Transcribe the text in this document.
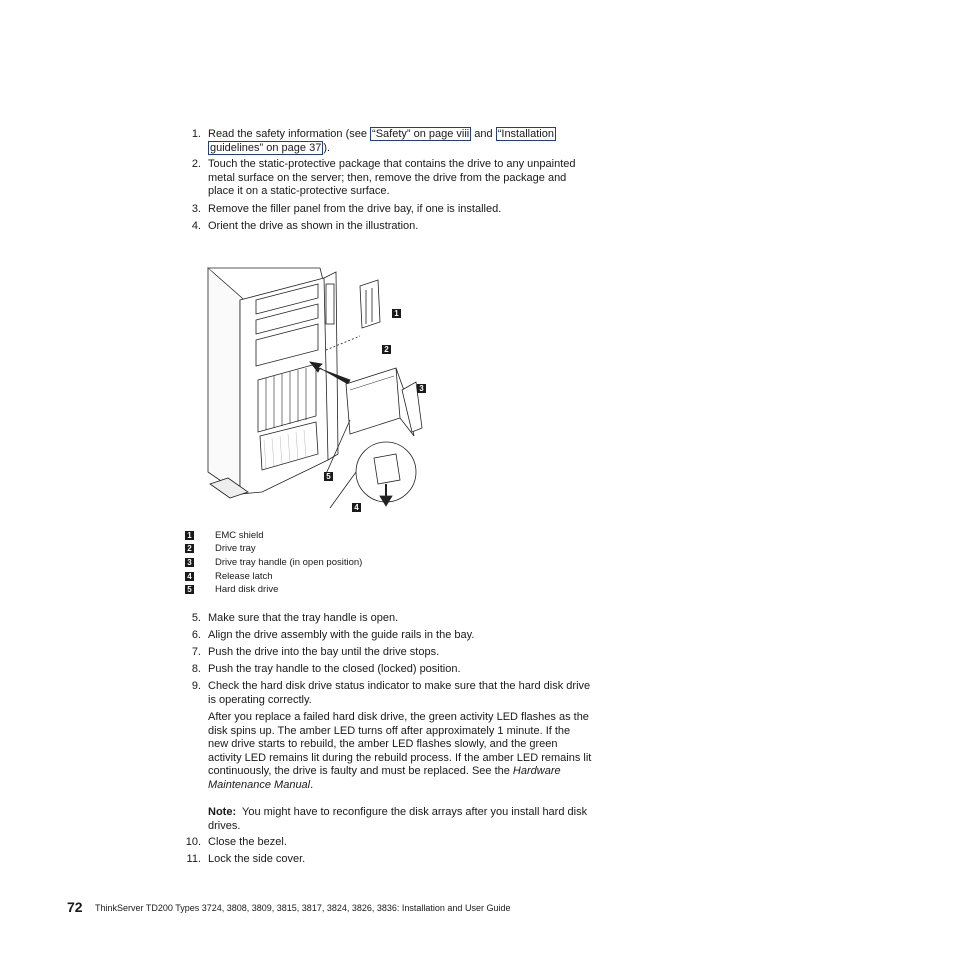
1. Read the safety information (see “Safety” on page viii and “Installation
guidelines” on page 37 ).
2. Touch the static-protective package that contains the drive to any unpainted
metal surface on the server; then, remove the drive from the package and
place it on a static-protective surface.
3. Remove the filler panel from the drive bay, if one is installed.
4. Orient the drive as shown in the illustration.
1
2
3
5
4
1 EMC shield
2 Drive tray
3 Drive tray handle (in open position)
4 Release latch
5 Hard disk drive
5. Make sure that the tray handle is open.
6. Align the drive assembly with the guide rails in the bay.
7. Push the drive into the bay until the drive stops.
8. Push the tray handle to the closed (locked) position.
9. Check the hard disk drive status indicator to make sure that the hard disk drive
is operating correctly.
After you replace a failed hard disk drive, the green activity LED flashes as the
disk spins up. The amber LED turns off after approximately 1 minute. If the
new drive starts to rebuild, the amber LED flashes slowly, and the green
activity LED remains lit during the rebuild process. If the amber LED remains lit
continuously, the drive is faulty and must be replaced. See the Hardware
Maintenance Manual.
Note:  You might have to reconfigure the disk arrays after you install hard disk
drives.
10. Close the bezel.
11. Lock the side cover.
72 ThinkServer TD200 Types 3724, 3808, 3809, 3815, 3817, 3824, 3826, 3836: Installation and User Guide
